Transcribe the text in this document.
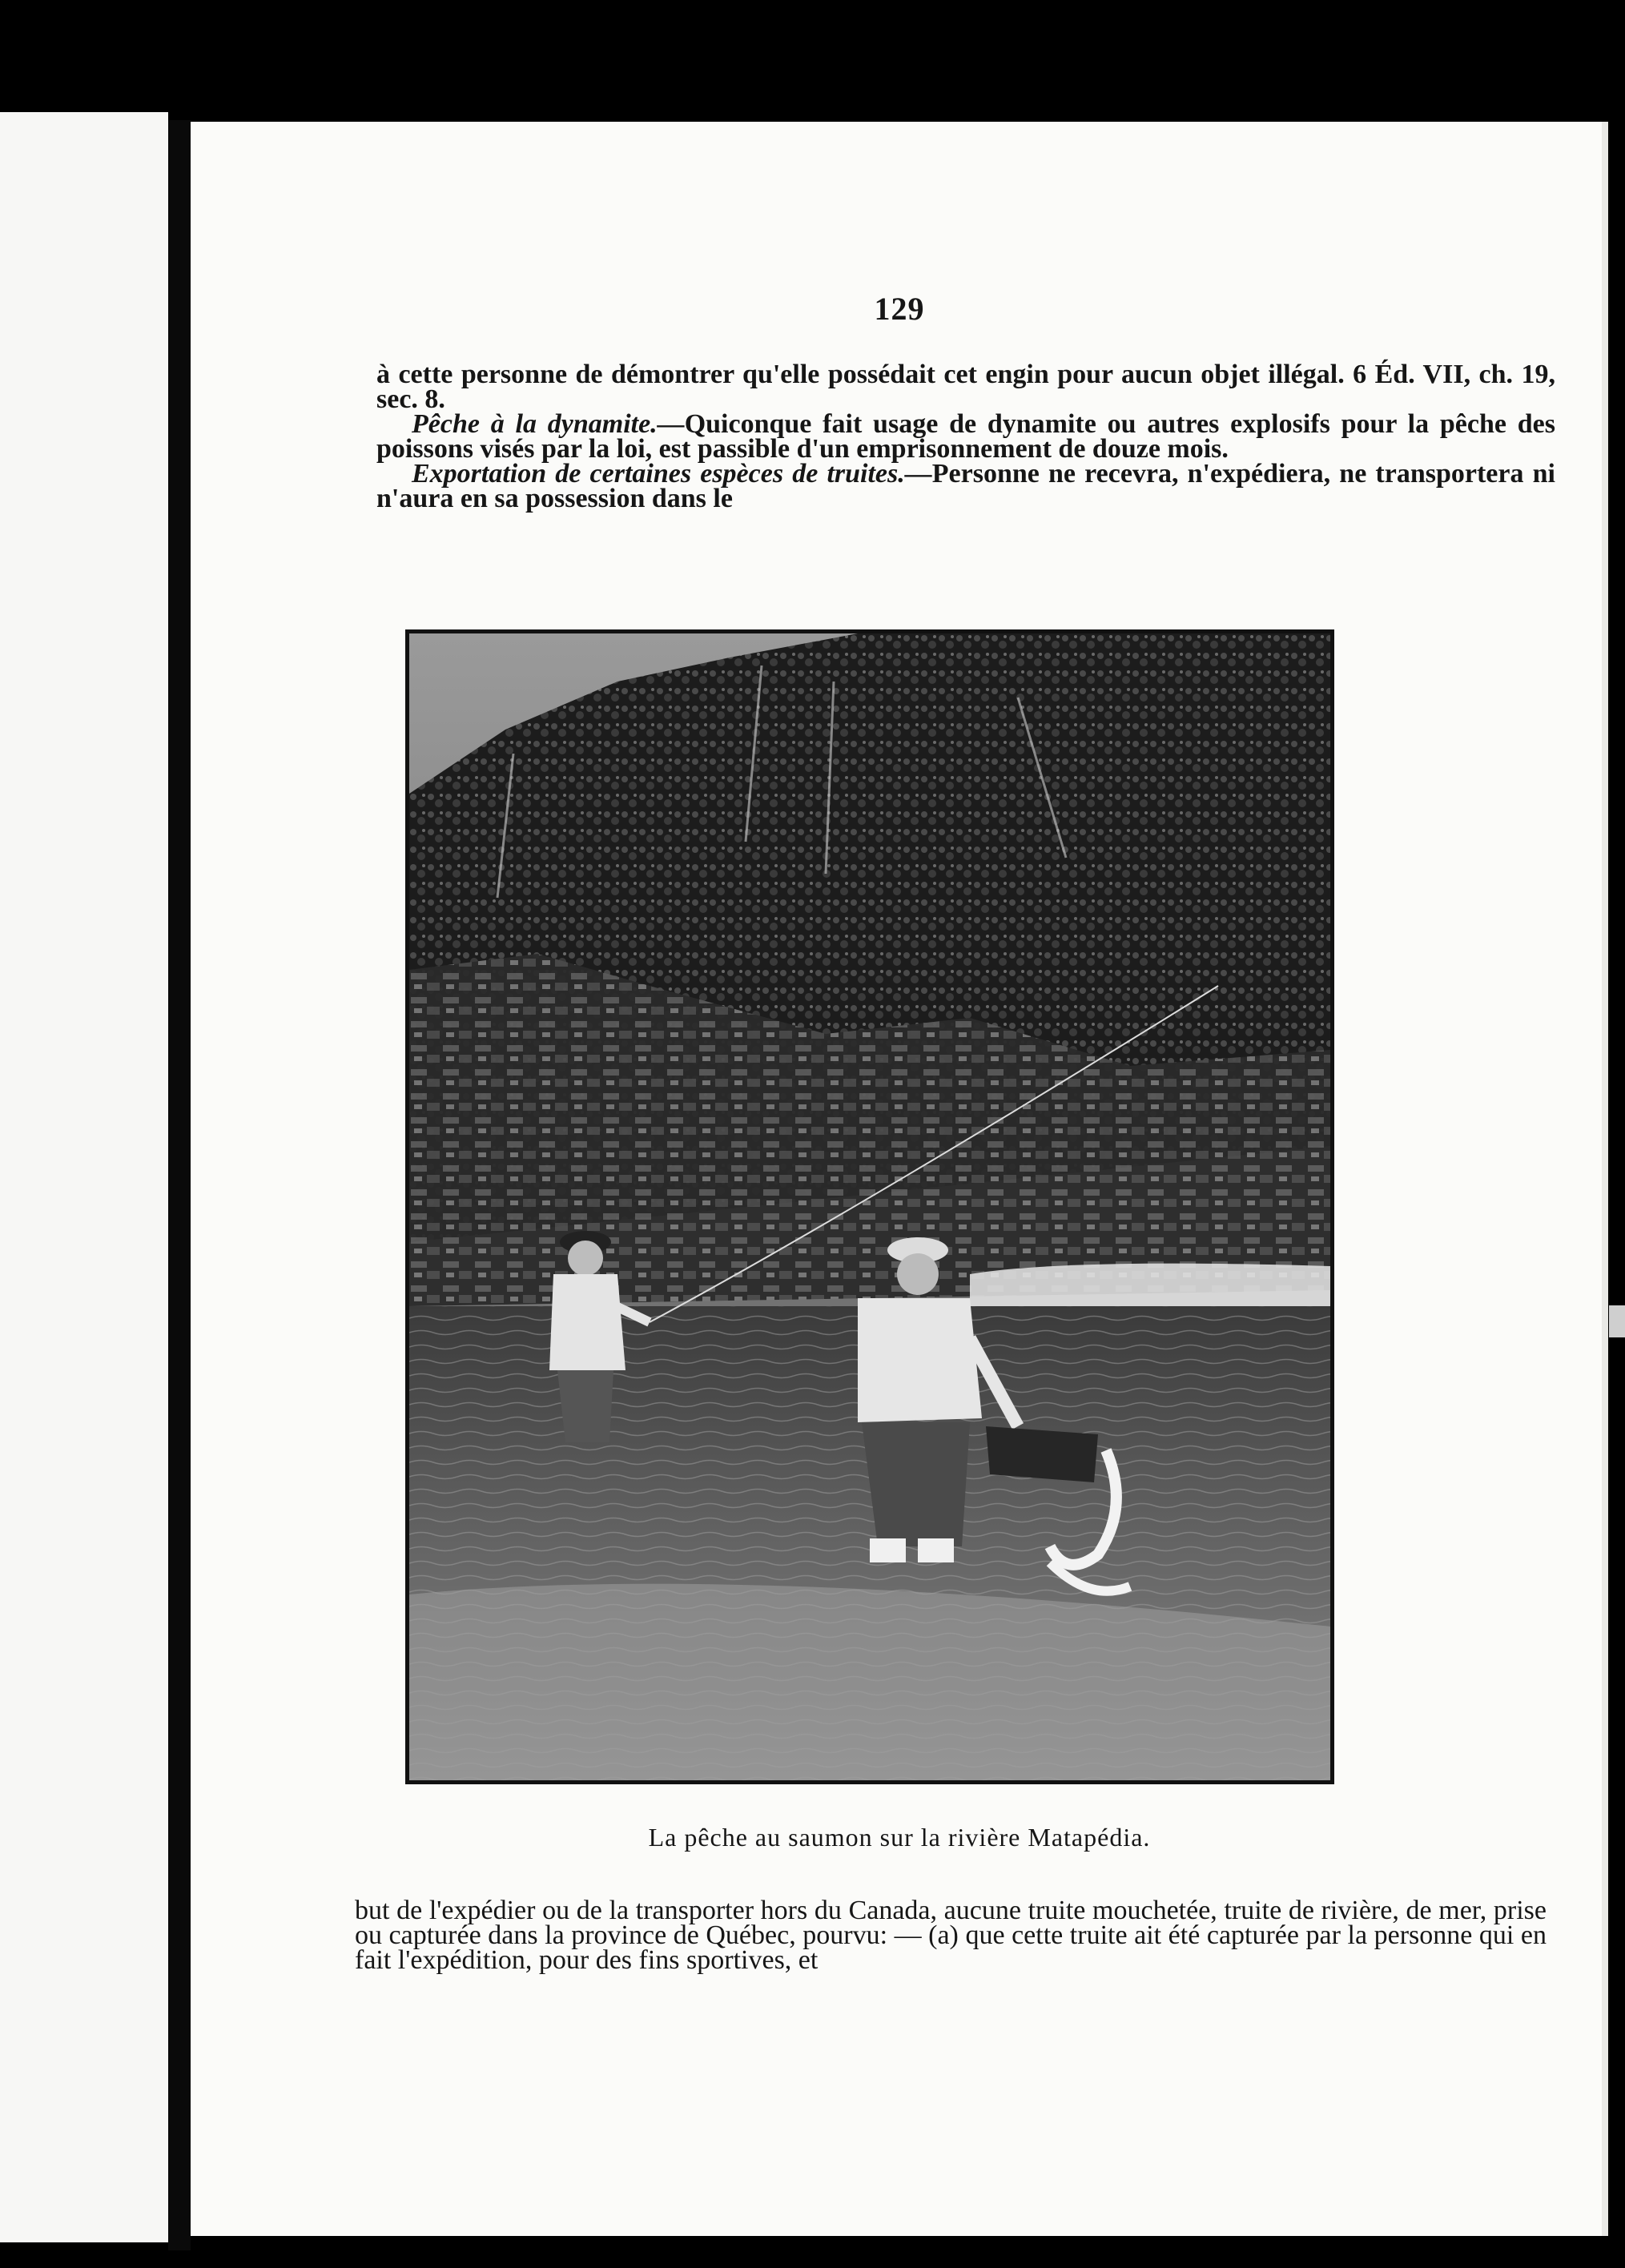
129

à cette personne de démontrer qu'elle possédait cet engin pour aucun objet illégal. 6 Éd. VII, ch. 19, sec. 8.

Pêche à la dynamite.—Quiconque fait usage de dynamite ou autres explosifs pour la pêche des poissons visés par la loi, est passible d'un emprisonnement de douze mois.

Exportation de certaines espèces de truites.—Personne ne recevra, n'expédiera, ne transportera ni n'aura en sa possession dans le

La pêche au saumon sur la rivière Matapédia.

but de l'expédier ou de la transporter hors du Canada, aucune truite mouchetée, truite de rivière, de mer, prise ou capturée dans la province de Québec, pourvu: — (a) que cette truite ait été capturée par la personne qui en fait l'expédition, pour des fins sportives, et
